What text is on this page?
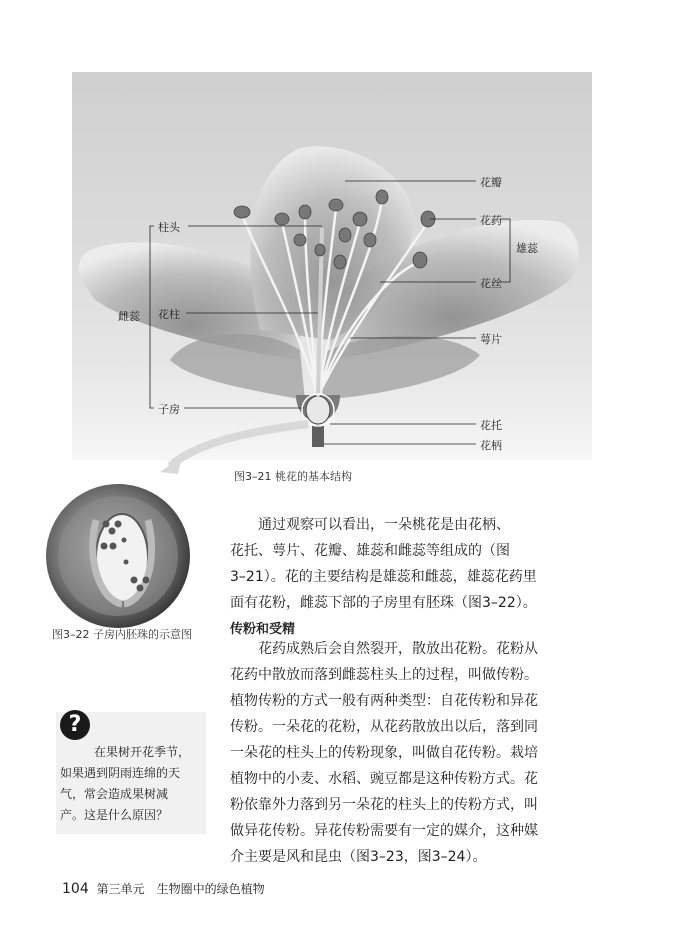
花瓣
花药
雄蕊
花丝
萼片
花托
花柄
柱头
雌蕊 花柱
子房
图3–21 桃花的基本结构
图3–22 子房内胚珠的示意图
通过观察可以看出，一朵桃花是由花柄、
花托、萼片、花瓣、雄蕊和雌蕊等组成的（图
3–21）。花的主要结构是雄蕊和雌蕊，雄蕊花药里
面有花粉，雌蕊下部的子房里有胚珠（图3–22）。
传粉和受精
花药成熟后会自然裂开，散放出花粉。花粉从
花药中散放而落到雌蕊柱头上的过程，叫做传粉。
植物传粉的方式一般有两种类型：自花传粉和异花
传粉。一朵花的花粉，从花药散放出以后，落到同
一朵花的柱头上的传粉现象，叫做自花传粉。栽培
植物中的小麦、水稻、豌豆都是这种传粉方式。花
粉依靠外力落到另一朵花的柱头上的传粉方式，叫
做异花传粉。异花传粉需要有一定的媒介，这种媒
介主要是风和昆虫（图3–23，图3–24）。
?
在果树开花季节，
如果遇到阴雨连绵的天
气，常会造成果树减
产。这是什么原因？
104 第三单元　生物圈中的绿色植物
